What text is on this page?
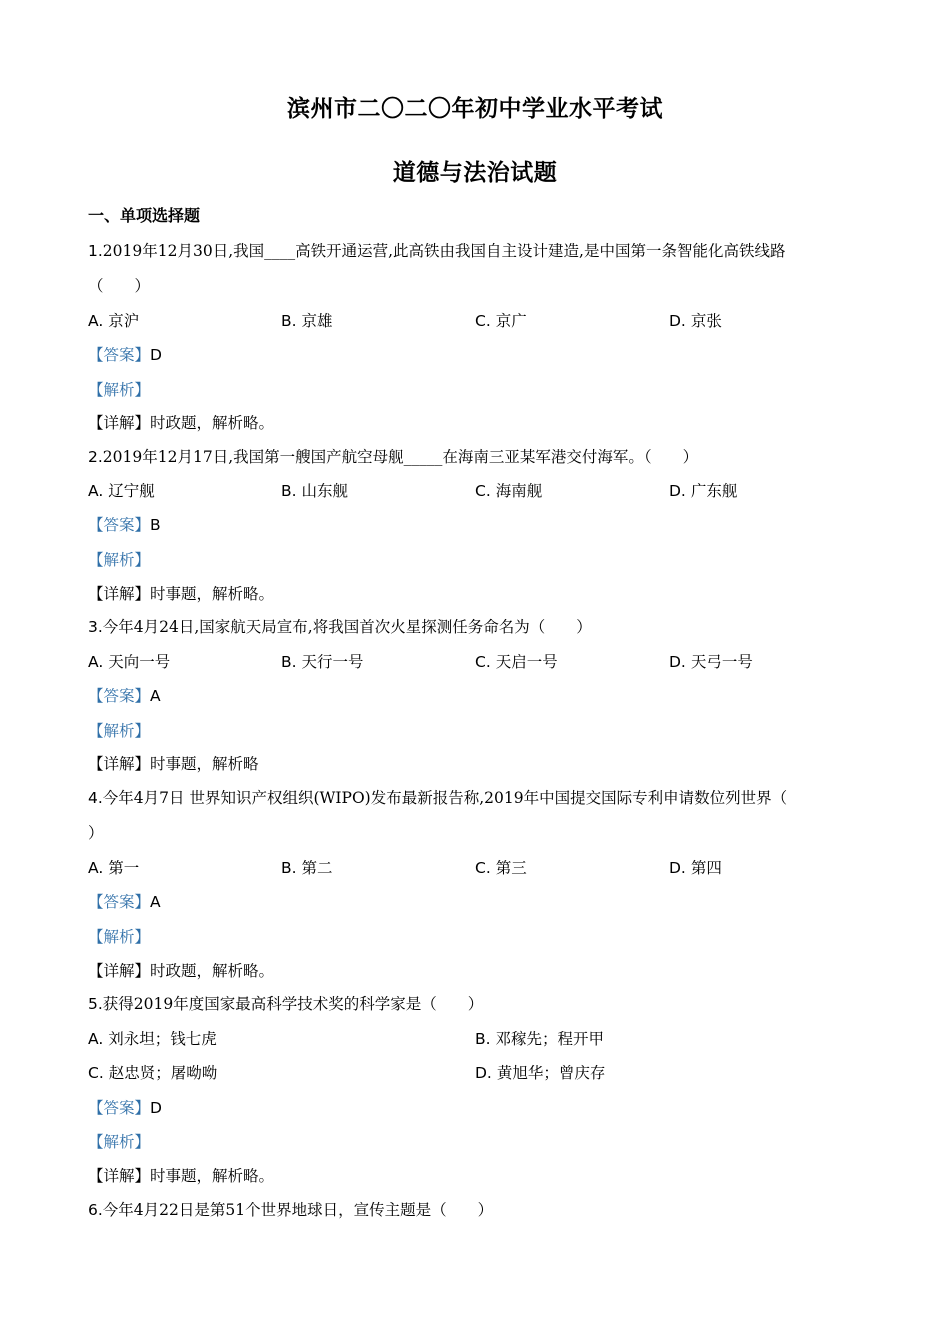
滨州市二〇二〇年初中学业水平考试
道德与法治试题
一、单项选择题
1.2019年12月30日,我国____高铁开通运营,此高铁由我国自主设计建造,是中国第一条智能化高铁线路
（　　）
A. 京沪	B. 京雄	C. 京广	D. 京张
【答案】D
【解析】
【详解】时政题，解析略。
2.2019年12月17日,我国第一艘国产航空母舰_____在海南三亚某军港交付海军。（　　）
A. 辽宁舰	B. 山东舰	C. 海南舰	D. 广东舰
【答案】B
【解析】
【详解】时事题，解析略。
3.今年4月24日,国家航天局宣布,将我国首次火星探测任务命名为（　　）
A. 天向一号	B. 天行一号	C. 天启一号	D. 天弓一号
【答案】A
【解析】
【详解】时事题，解析略
4.今年4月7日 世界知识产权组织(WIPO)发布最新报告称,2019年中国提交国际专利申请数位列世界（
）
A. 第一	B. 第二	C. 第三	D. 第四
【答案】A
【解析】
【详解】时政题，解析略。
5.获得2019年度国家最高科学技术奖的科学家是（　　）
A. 刘永坦；钱七虎	B. 邓稼先；程开甲
C. 赵忠贤；屠呦呦	D. 黄旭华；曾庆存
【答案】D
【解析】
【详解】时事题，解析略。
6.今年4月22日是第51个世界地球日，宣传主题是（　　）
